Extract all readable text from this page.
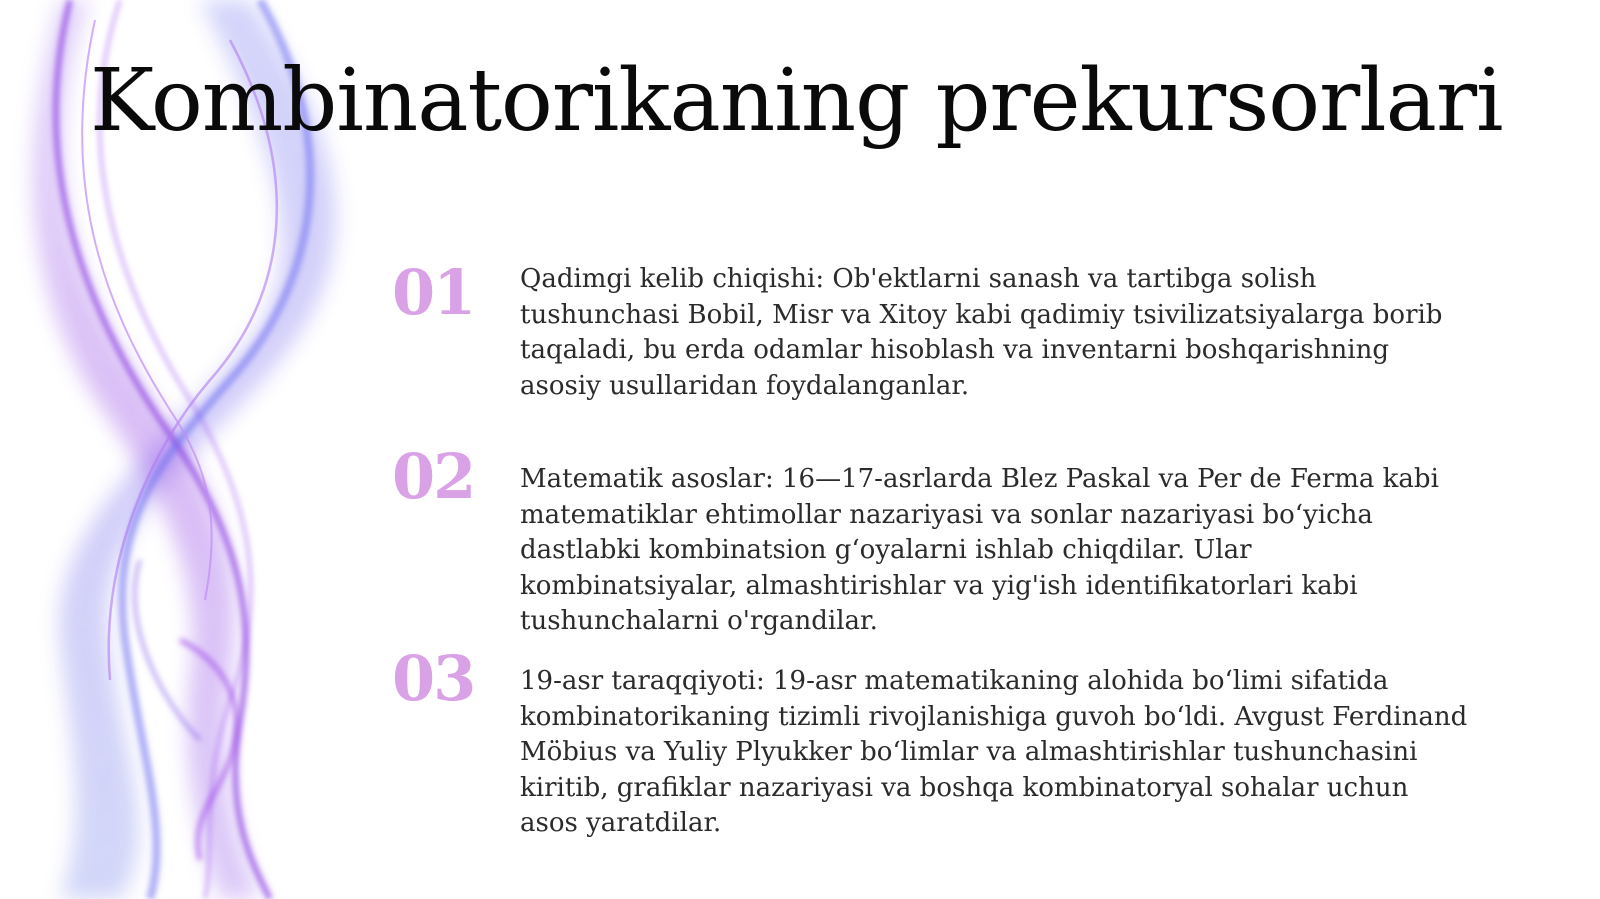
Kombinatorikaning prekursorlari
01	Qadimgi kelib chiqishi: Ob'ektlarni sanash va tartibga solish tushunchasi Bobil, Misr va Xitoy kabi qadimiy tsivilizatsiyalarga borib taqaladi, bu erda odamlar hisoblash va inventarni boshqarishning asosiy usullaridan foydalanganlar.

02	Matematik asoslar: 16—17-asrlarda Blez Paskal va Per de Ferma kabi matematiklar ehtimollar nazariyasi va sonlar nazariyasi bo‘yicha dastlabki kombinatsion g‘oyalarni ishlab chiqdilar. Ular kombinatsiyalar, almashtirishlar va yig'ish identifikatorlari kabi tushunchalarni o'rgandilar.

03	19-asr taraqqiyoti: 19-asr matematikaning alohida bo‘limi sifatida kombinatorikaning tizimli rivojlanishiga guvoh bo‘ldi. Avgust Ferdinand Möbius va Yuliy Plyukker bo‘limlar va almashtirishlar tushunchasini kiritib, grafiklar nazariyasi va boshqa kombinatoryal sohalar uchun asos yaratdilar.
